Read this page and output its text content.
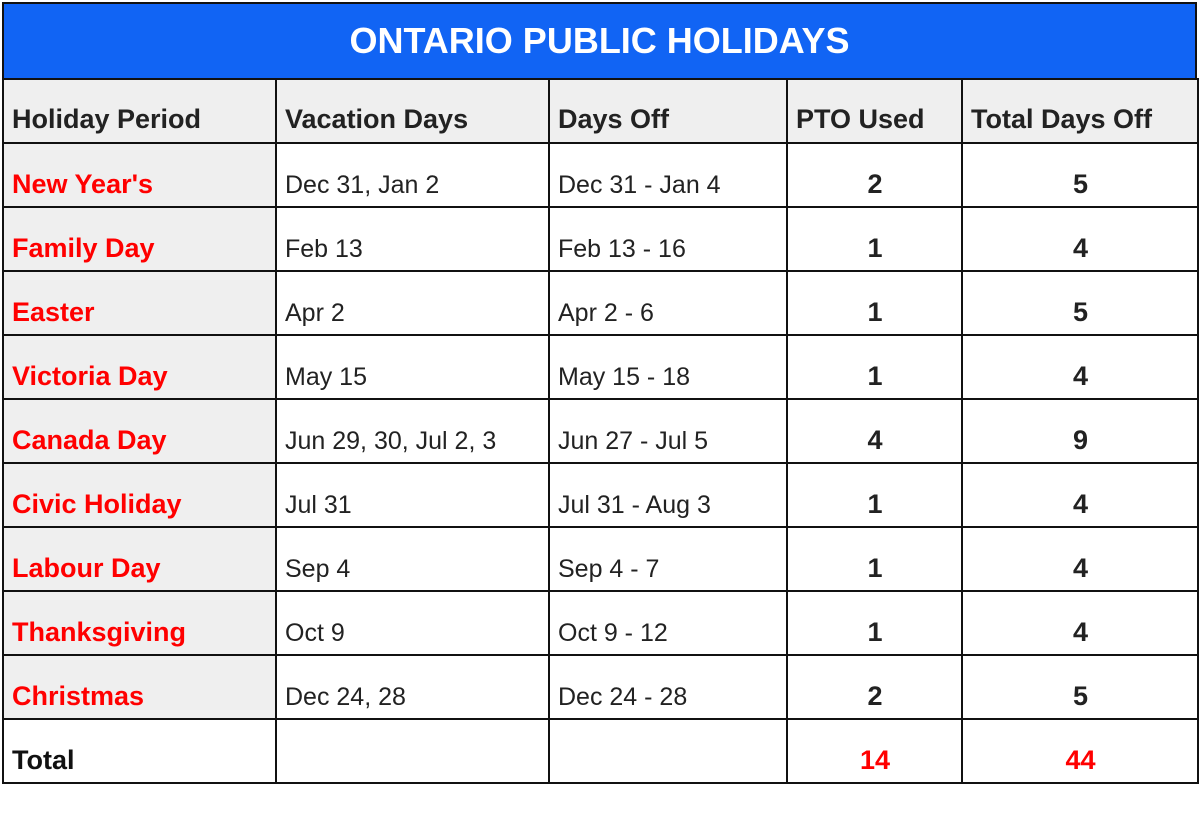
ONTARIO PUBLIC HOLIDAYS
Holiday Period	Vacation Days	Days Off	PTO Used	Total Days Off
New Year's	Dec 31, Jan 2	Dec 31 - Jan 4	2	5
Family Day	Feb 13	Feb 13 - 16	1	4
Easter	Apr 2	Apr 2 - 6	1	5
Victoria Day	May 15	May 15 - 18	1	4
Canada Day	Jun 29, 30, Jul 2, 3	Jun 27 - Jul 5	4	9
Civic Holiday	Jul 31	Jul 31 - Aug 3	1	4
Labour Day	Sep 4	Sep 4 - 7	1	4
Thanksgiving	Oct 9	Oct 9 - 12	1	4
Christmas	Dec 24, 28	Dec 24 - 28	2	5
Total			14	44
